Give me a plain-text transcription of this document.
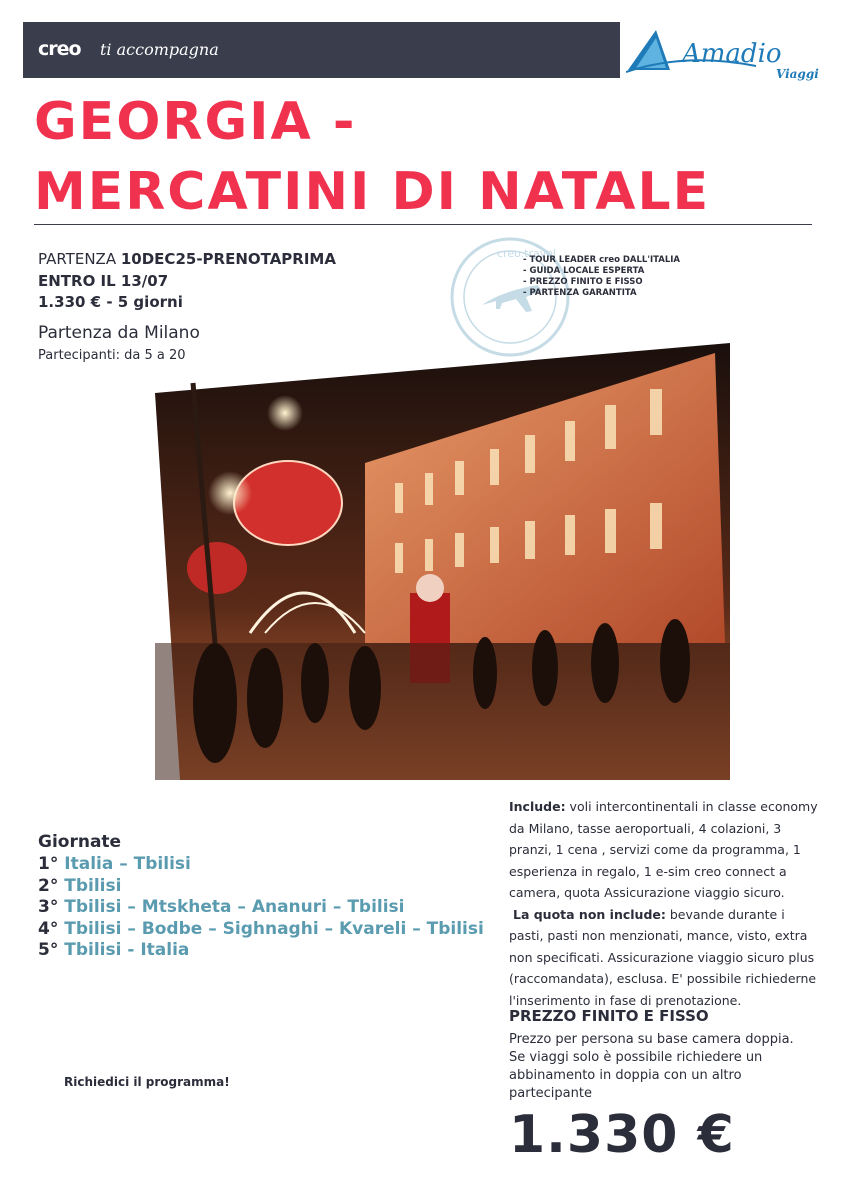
creo ti accompagna	Amadio
Viaggi
GEORGIA -
MERCATINI DI NATALE
PARTENZA 10DEC25-PRENOTAPRIMA
ENTRO IL 13/07
1.330 € - 5 giorni
Partenza da Milano
Partecipanti: da 5 a 20
creo.travel
- TOUR LEADER creo DALL'ITALIA
- GUIDA LOCALE ESPERTA
- PREZZO FINITO E FISSO
- PARTENZA GARANTITA
Giornate
1° Italia – Tbilisi
2° Tbilisi
3° Tbilisi – Mtskheta – Ananuri – Tbilisi
4° Tbilisi – Bodbe – Sighnaghi – Kvareli – Tbilisi
5° Tbilisi - Italia
Richiedici il programma!

Include: voli intercontinentali in classe economy da Milano, tasse aeroportuali, 4 colazioni, 3 pranzi, 1 cena , servizi come da programma, 1 esperienza in regalo, 1 e-sim creo connect a camera, quota Assicurazione viaggio sicuro.
La quota non include: bevande durante i pasti, pasti non menzionati, mance, visto, extra non specificati. Assicurazione viaggio sicuro plus (raccomandata), esclusa. E' possibile richiederne l'inserimento in fase di prenotazione.

PREZZO FINITO E FISSO

Prezzo per persona su base camera doppia. Se viaggi solo è possibile richiedere un abbinamento in doppia con un altro partecipante

1.330 €
